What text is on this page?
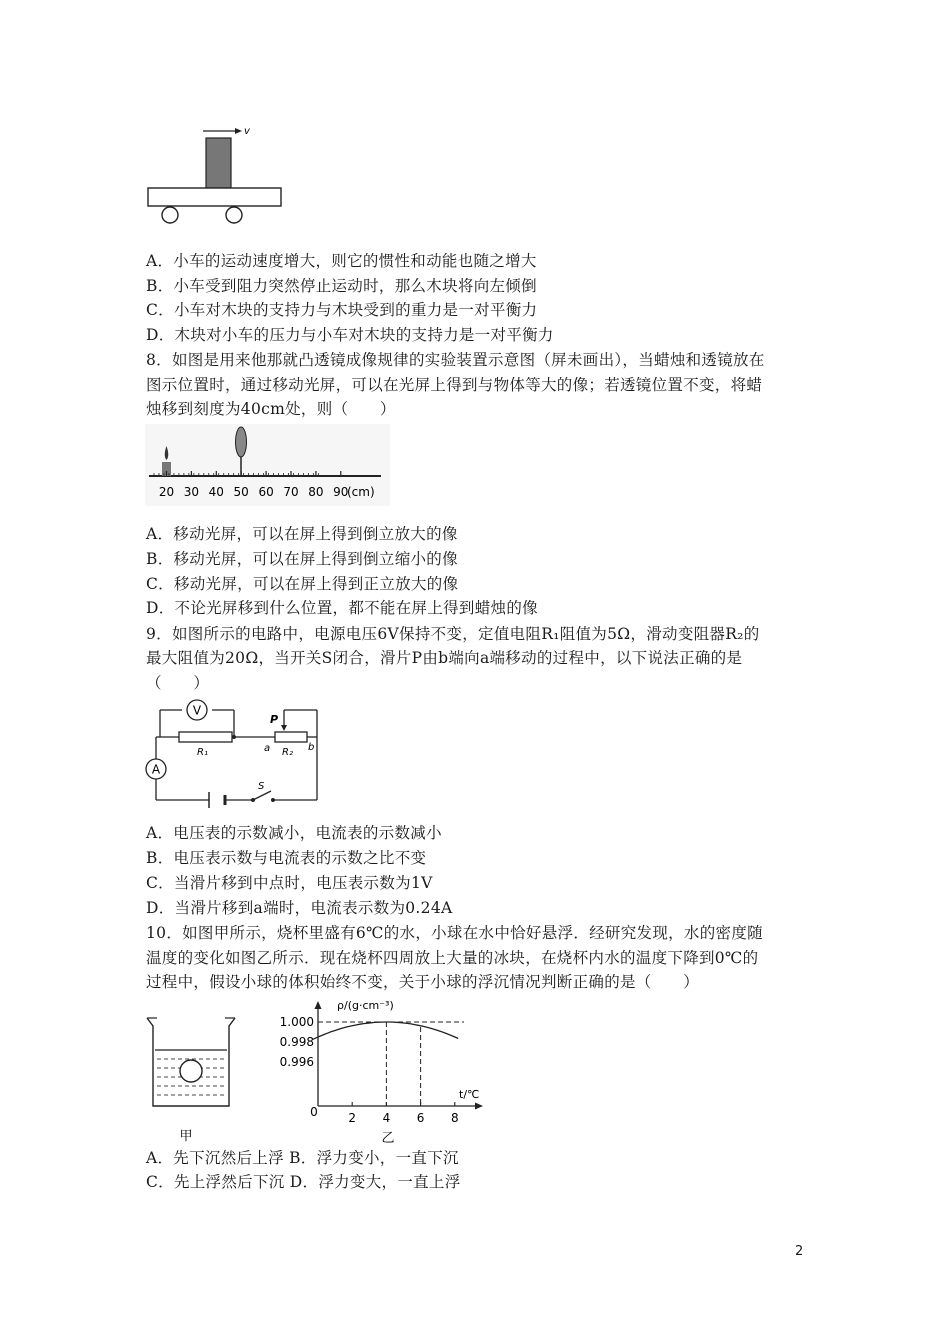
v
A．小车的运动速度增大，则它的惯性和动能也随之增大
B．小车受到阻力突然停止运动时，那么木块将向左倾倒
C．小车对木块的支持力与木块受到的重力是一对平衡力
D．木块对小车的压力与小车对木块的支持力是一对平衡力
8．如图是用来他那就凸透镜成像规律的实验装置示意图（屏未画出），当蜡烛和透镜放在
图示位置时，通过移动光屏，可以在光屏上得到与物体等大的像；若透镜位置不变，将蜡
烛移到刻度为40cm处，则（　　）
20 30 40 50 60 70 80 90
(cm)
A．移动光屏，可以在屏上得到倒立放大的像
B．移动光屏，可以在屏上得到倒立缩小的像
C．移动光屏，可以在屏上得到正立放大的像
D．不论光屏移到什么位置，都不能在屏上得到蜡烛的像
9．如图所示的电路中，电源电压6V保持不变，定值电阻R₁阻值为5Ω，滑动变阻器R₂的
最大阻值为20Ω，当开关S闭合，滑片P由b端向a端移动的过程中，以下说法正确的是
（　　）
V
A
R₁	R₂
P
a	b
S
A．电压表的示数减小，电流表的示数减小
B．电压表示数与电流表的示数之比不变
C．当滑片移到中点时，电压表示数为1V
D．当滑片移到a端时，电流表示数为0.24A
10．如图甲所示，烧杯里盛有6℃的水，小球在水中恰好悬浮．经研究发现，水的密度随
温度的变化如图乙所示．现在烧杯四周放上大量的冰块，在烧杯内水的温度下降到0℃的
过程中，假设小球的体积始终不变，关于小球的浮沉情况判断正确的是（　　）
甲
ρ/(g·cm⁻³)
t/℃
0
1.000
0.998
0.996
2 4 6 8
乙
A．先下沉然后上浮 B．浮力变小，一直下沉
C．先上浮然后下沉 D．浮力变大，一直上浮
2
